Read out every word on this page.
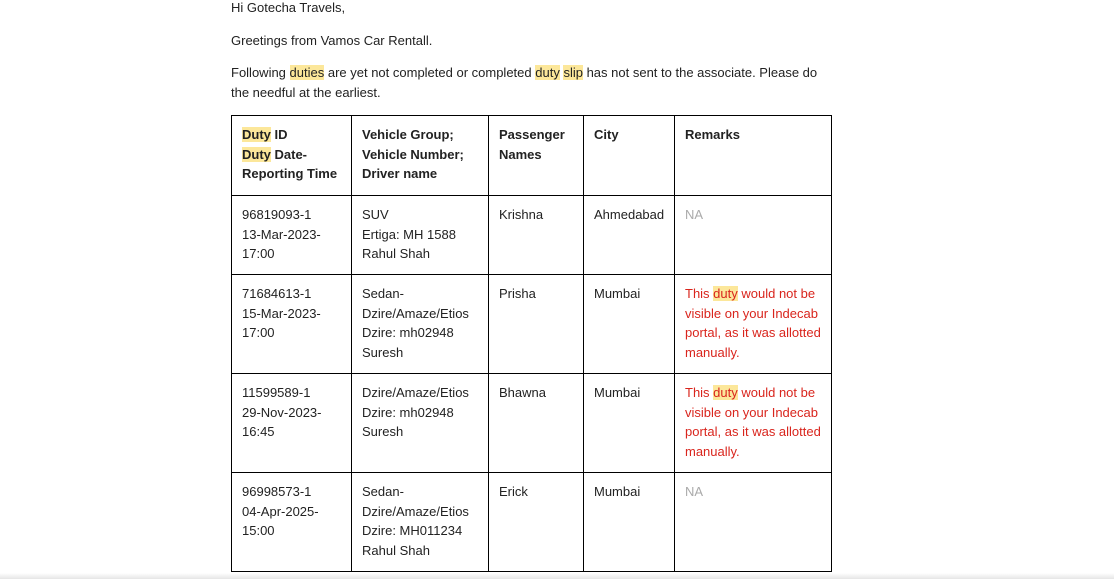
Hi Gotecha Travels,

Greetings from Vamos Car Rentall.

Following duties are yet not completed or completed duty slip has not sent to the associate. Please do the needful at the earliest.

Duty ID
Duty Date-
Reporting Time	Vehicle Group;
Vehicle Number;
Driver name	Passenger
Names	City	Remarks

96819093-1
13-Mar-2023-
17:00	SUV
Ertiga: MH 1588
Rahul Shah	Krishna	Ahmedabad	NA

71684613-1
15-Mar-2023-
17:00	Sedan-
Dzire/Amaze/Etios
Dzire: mh02948
Suresh	Prisha	Mumbai	This duty would not be visible on your Indecab portal, as it was allotted manually.

11599589-1
29-Nov-2023-
16:45	Dzire/Amaze/Etios
Dzire: mh02948
Suresh	Bhawna	Mumbai	This duty would not be visible on your Indecab portal, as it was allotted manually.

96998573-1
04-Apr-2025-
15:00	Sedan-
Dzire/Amaze/Etios
Dzire: MH011234
Rahul Shah	Erick	Mumbai	NA
